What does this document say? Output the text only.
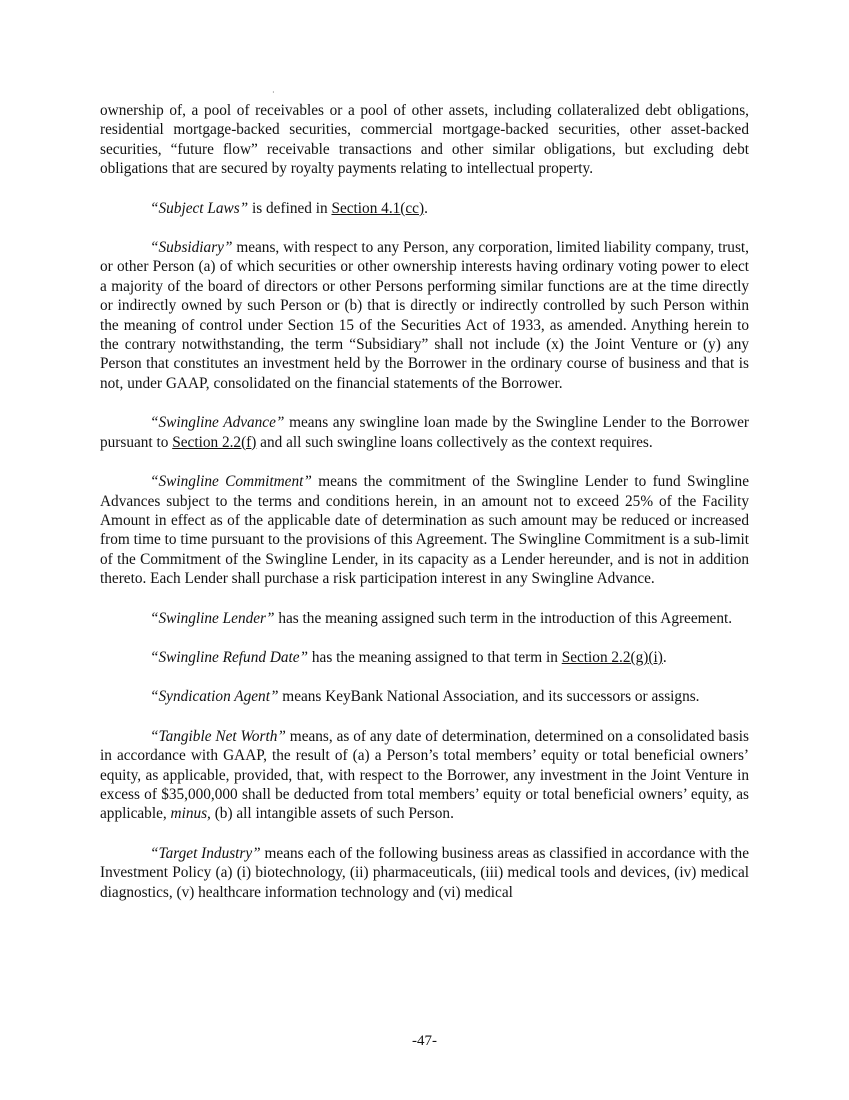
·

ownership of, a pool of receivables or a pool of other assets, including collateralized debt obligations, residential mortgage-backed securities, commercial mortgage-backed securities, other asset-backed securities, “future flow” receivable transactions and other similar obligations, but excluding debt obligations that are secured by royalty payments relating to intellectual property.

“Subject Laws” is defined in Section 4.1(cc).

“Subsidiary” means, with respect to any Person, any corporation, limited liability company, trust, or other Person (a) of which securities or other ownership interests having ordinary voting power to elect a majority of the board of directors or other Persons performing similar functions are at the time directly or indirectly owned by such Person or (b) that is directly or indirectly controlled by such Person within the meaning of control under Section 15 of the Securities Act of 1933, as amended. Anything herein to the contrary notwithstanding, the term “Subsidiary” shall not include (x) the Joint Venture or (y) any Person that constitutes an investment held by the Borrower in the ordinary course of business and that is not, under GAAP, consolidated on the financial statements of the Borrower.

“Swingline Advance” means any swingline loan made by the Swingline Lender to the Borrower pursuant to Section 2.2(f) and all such swingline loans collectively as the context requires.

“Swingline Commitment” means the commitment of the Swingline Lender to fund Swingline Advances subject to the terms and conditions herein, in an amount not to exceed 25% of the Facility Amount in effect as of the applicable date of determination as such amount may be reduced or increased from time to time pursuant to the provisions of this Agreement. The Swingline Commitment is a sub-limit of the Commitment of the Swingline Lender, in its capacity as a Lender hereunder, and is not in addition thereto. Each Lender shall purchase a risk participation interest in any Swingline Advance.

“Swingline Lender” has the meaning assigned such term in the introduction of this Agreement.

“Swingline Refund Date” has the meaning assigned to that term in Section 2.2(g)(i).

“Syndication Agent” means KeyBank National Association, and its successors or assigns.

“Tangible Net Worth” means, as of any date of determination, determined on a consolidated basis in accordance with GAAP, the result of (a) a Person’s total members’ equity or total beneficial owners’ equity, as applicable, provided, that, with respect to the Borrower, any investment in the Joint Venture in excess of $35,000,000 shall be deducted from total members’ equity or total beneficial owners’ equity, as applicable, minus, (b) all intangible assets of such Person.

“Target Industry” means each of the following business areas as classified in accordance with the Investment Policy (a) (i) biotechnology, (ii) pharmaceuticals, (iii) medical tools and devices, (iv) medical diagnostics, (v) healthcare information technology and (vi) medical

-47-
